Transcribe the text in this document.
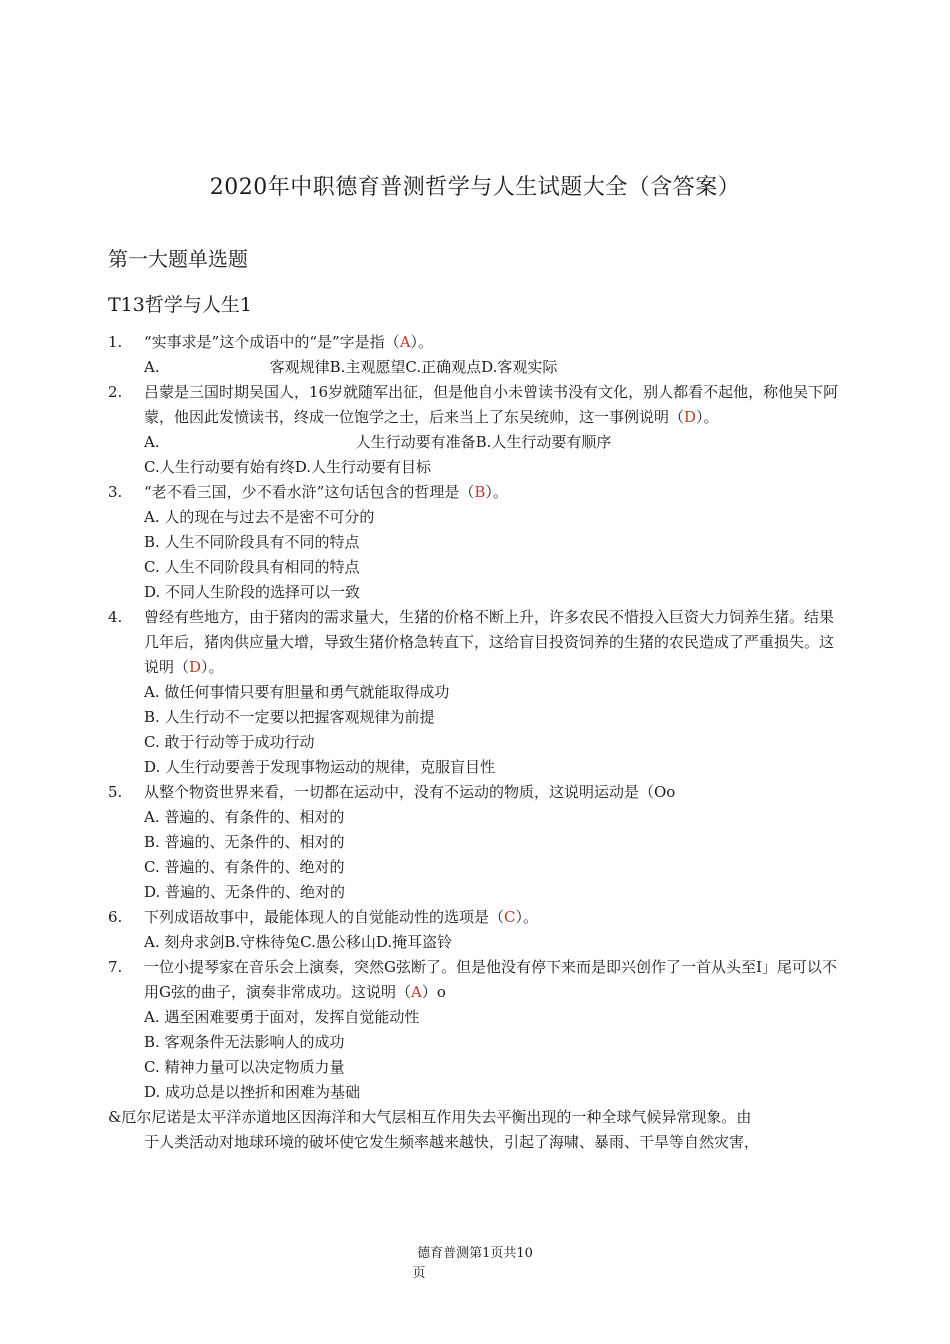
2020年中职德育普测哲学与人生试题大全（含答案）
第一大题单选题
T13哲学与人生1
1.	“实事求是”这个成语中的“是”字是指（A）。
A.	客观规律B.主观愿望C.正确观点D.客观实际
2.	吕蒙是三国时期吴国人，16岁就随军出征，但是他自小未曾读书没有文化，别人都看不起他，称他吴下阿蒙，他因此发愤读书，终成一位饱学之士，后来当上了东吴统帅，这一事例说明（D）。
A.	人生行动要有准备B.人生行动要有顺序
C.人生行动要有始有终D.人生行动要有目标
3.	“老不看三国，少不看水浒”这句话包含的哲理是（B）。
A. 人的现在与过去不是密不可分的
B. 人生不同阶段具有不同的特点
C. 人生不同阶段具有相同的特点
D. 不同人生阶段的选择可以一致
4.	曾经有些地方，由于猪肉的需求量大，生猪的价格不断上升，许多农民不惜投入巨资大力饲养生猪。结果几年后，猪肉供应量大增，导致生猪价格急转直下，这给盲目投资饲养的生猪的农民造成了严重损失。这说明（D）。
A. 做任何事情只要有胆量和勇气就能取得成功
B. 人生行动不一定要以把握客观规律为前提
C. 敢于行动等于成功行动
D. 人生行动要善于发现事物运动的规律，克服盲目性
5.	从整个物资世界来看，一切都在运动中，没有不运动的物质，这说明运动是（Oo
A. 普遍的、有条件的、相对的
B. 普遍的、无条件的、相对的
C. 普遍的、有条件的、绝对的
D. 普遍的、无条件的、绝对的
6.	下列成语故事中，最能体现人的自觉能动性的选项是（C）。
A. 刻舟求剑B.守株待兔C.愚公移山D.掩耳盗铃
7.	一位小提琴家在音乐会上演奏，突然G弦断了。但是他没有停下来而是即兴创作了一首从头至I」尾可以不用G弦的曲子，演奏非常成功。这说明（A）o
A. 遇至困难要勇于面对，发挥自觉能动性
B. 客观条件无法影响人的成功
C. 精神力量可以决定物质力量
D. 成功总是以挫折和困难为基础
&厄尔尼诺是太平洋赤道地区因海洋和大气层相互作用失去平衡出现的一种全球气候异常现象。由
于人类活动对地球环境的破坏使它发生频率越来越快，引起了海啸、暴雨、干旱等自然灾害，
德育普测第1页共10
页
